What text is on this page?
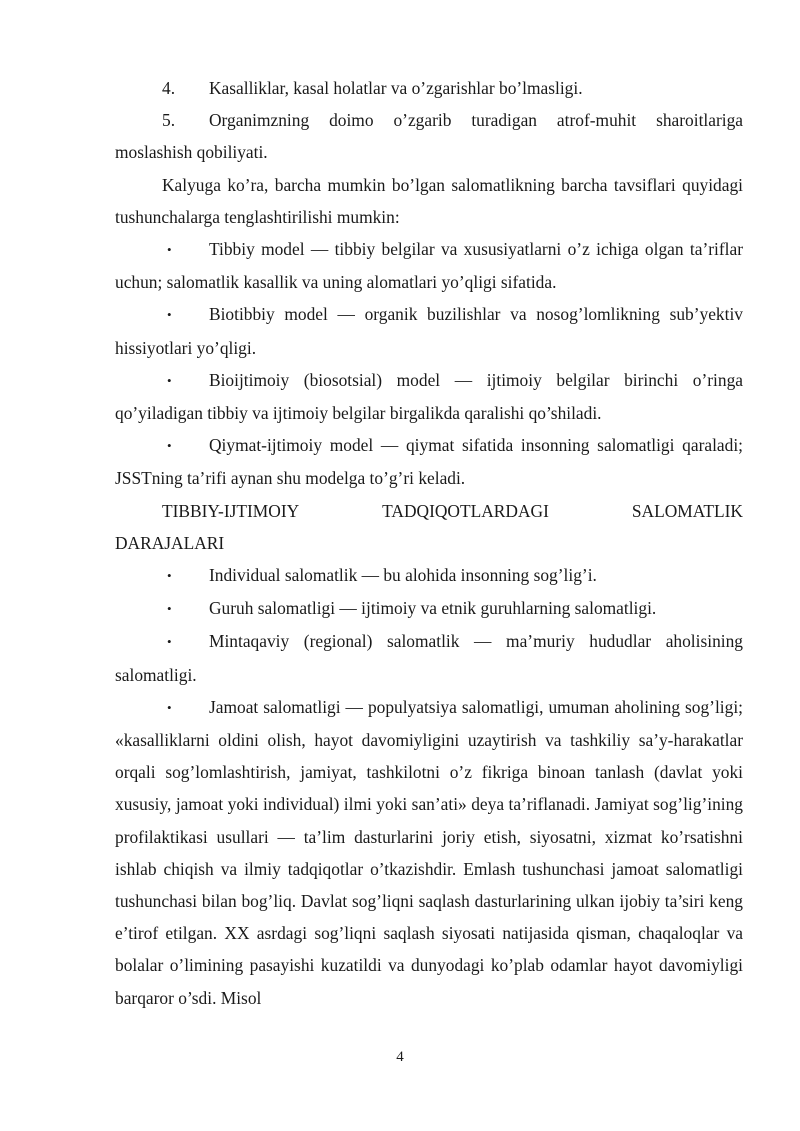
4. Kasalliklar, kasal holatlar va o’zgarishlar bo’lmasligi.

5. Organimzning doimo o’zgarib turadigan atrof-muhit sharoitlariga moslashish qobiliyati.

Kalyuga ko’ra, barcha mumkin bo’lgan salomatlikning barcha tavsiflari quyidagi tushunchalarga tenglashtirilishi mumkin:

• Tibbiy model — tibbiy belgilar va xususiyatlarni o’z ichiga olgan ta’riflar uchun; salomatlik kasallik va uning alomatlari yo’qligi sifatida.

• Biotibbiy model — organik buzilishlar va nosog’lomlikning sub’yektiv hissiyotlari yo’qligi.

• Bioijtimoiy (biosotsial) model — ijtimoiy belgilar birinchi o’ringa qo’yiladigan tibbiy va ijtimoiy belgilar birgalikda qaralishi qo’shiladi.

• Qiymat-ijtimoiy model — qiymat sifatida insonning salomatligi qaraladi; JSSTning ta’rifi aynan shu modelga to’g’ri keladi.

TIBBIY-IJTIMOIY	TADQIQOTLARDAGI	SALOMATLIK
DARAJALARI

• Individual salomatlik — bu alohida insonning sog’lig’i.

• Guruh salomatligi — ijtimoiy va etnik guruhlarning salomatligi.

• Mintaqaviy (regional) salomatlik — ma’muriy hududlar aholisining salomatligi.

• Jamoat salomatligi — populyatsiya salomatligi, umuman aholining sog’ligi; «kasalliklarni oldini olish, hayot davomiyligini uzaytirish va tashkiliy sa’y-harakatlar orqali sog’lomlashtirish, jamiyat, tashkilotni o’z fikriga binoan tanlash (davlat yoki xususiy, jamoat yoki individual) ilmi yoki san’ati» deya ta’riflanadi. Jamiyat sog’lig’ining profilaktikasi usullari — ta’lim dasturlarini joriy etish, siyosatni, xizmat ko’rsatishni ishlab chiqish va ilmiy tadqiqotlar o’tkazishdir. Emlash tushunchasi jamoat salomatligi tushunchasi bilan bog’liq. Davlat sog’liqni saqlash dasturlarining ulkan ijobiy ta’siri keng e’tirof etilgan. XX asrdagi sog’liqni saqlash siyosati natijasida qisman, chaqaloqlar va bolalar o’limining pasayishi kuzatildi va dunyodagi ko’plab odamlar hayot davomiyligi barqaror o’sdi. Misol

4
